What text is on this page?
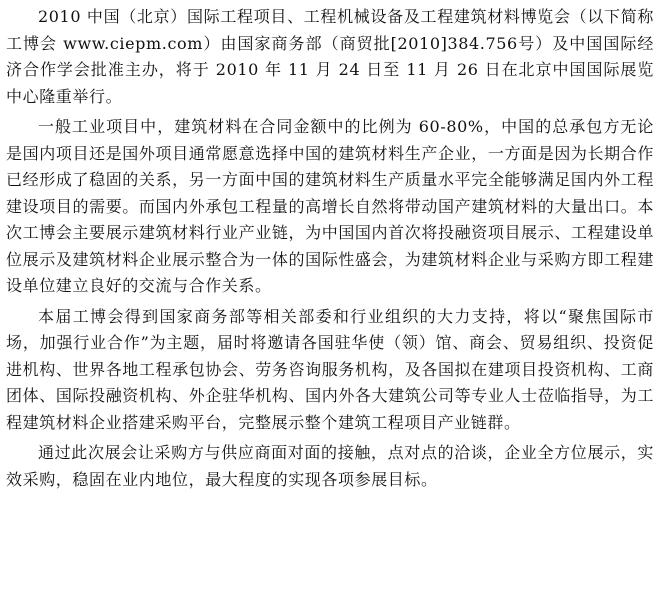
2010 中国（北京）国际工程项目、工程机械设备及工程建筑材料博览会（以下简称工博会 www.ciepm.com）由国家商务部（商贸批[2010]384.756号）及中国国际经济合作学会批准主办，将于 2010 年 11 月 24 日至 11 月 26 日在北京中国国际展览中心隆重举行。

一般工业项目中，建筑材料在合同金额中的比例为 60-80%，中国的总承包方无论是国内项目还是国外项目通常愿意选择中国的建筑材料生产企业，一方面是因为长期合作已经形成了稳固的关系，另一方面中国的建筑材料生产质量水平完全能够满足国内外工程建设项目的需要。而国内外承包工程量的高增长自然将带动国产建筑材料的大量出口。本次工博会主要展示建筑材料行业产业链，为中国国内首次将投融资项目展示、工程建设单位展示及建筑材料企业展示整合为一体的国际性盛会，为建筑材料企业与采购方即工程建设单位建立良好的交流与合作关系。

本届工博会得到国家商务部等相关部委和行业组织的大力支持，将以“聚焦国际市场，加强行业合作”为主题，届时将邀请各国驻华使（领）馆、商会、贸易组织、投资促进机构、世界各地工程承包协会、劳务咨询服务机构，及各国拟在建项目投资机构、工商团体、国际投融资机构、外企驻华机构、国内外各大建筑公司等专业人士莅临指导，为工程建筑材料企业搭建采购平台，完整展示整个建筑工程项目产业链群。

通过此次展会让采购方与供应商面对面的接触，点对点的洽谈，企业全方位展示，实效采购，稳固在业内地位，最大程度的实现各项参展目标。
